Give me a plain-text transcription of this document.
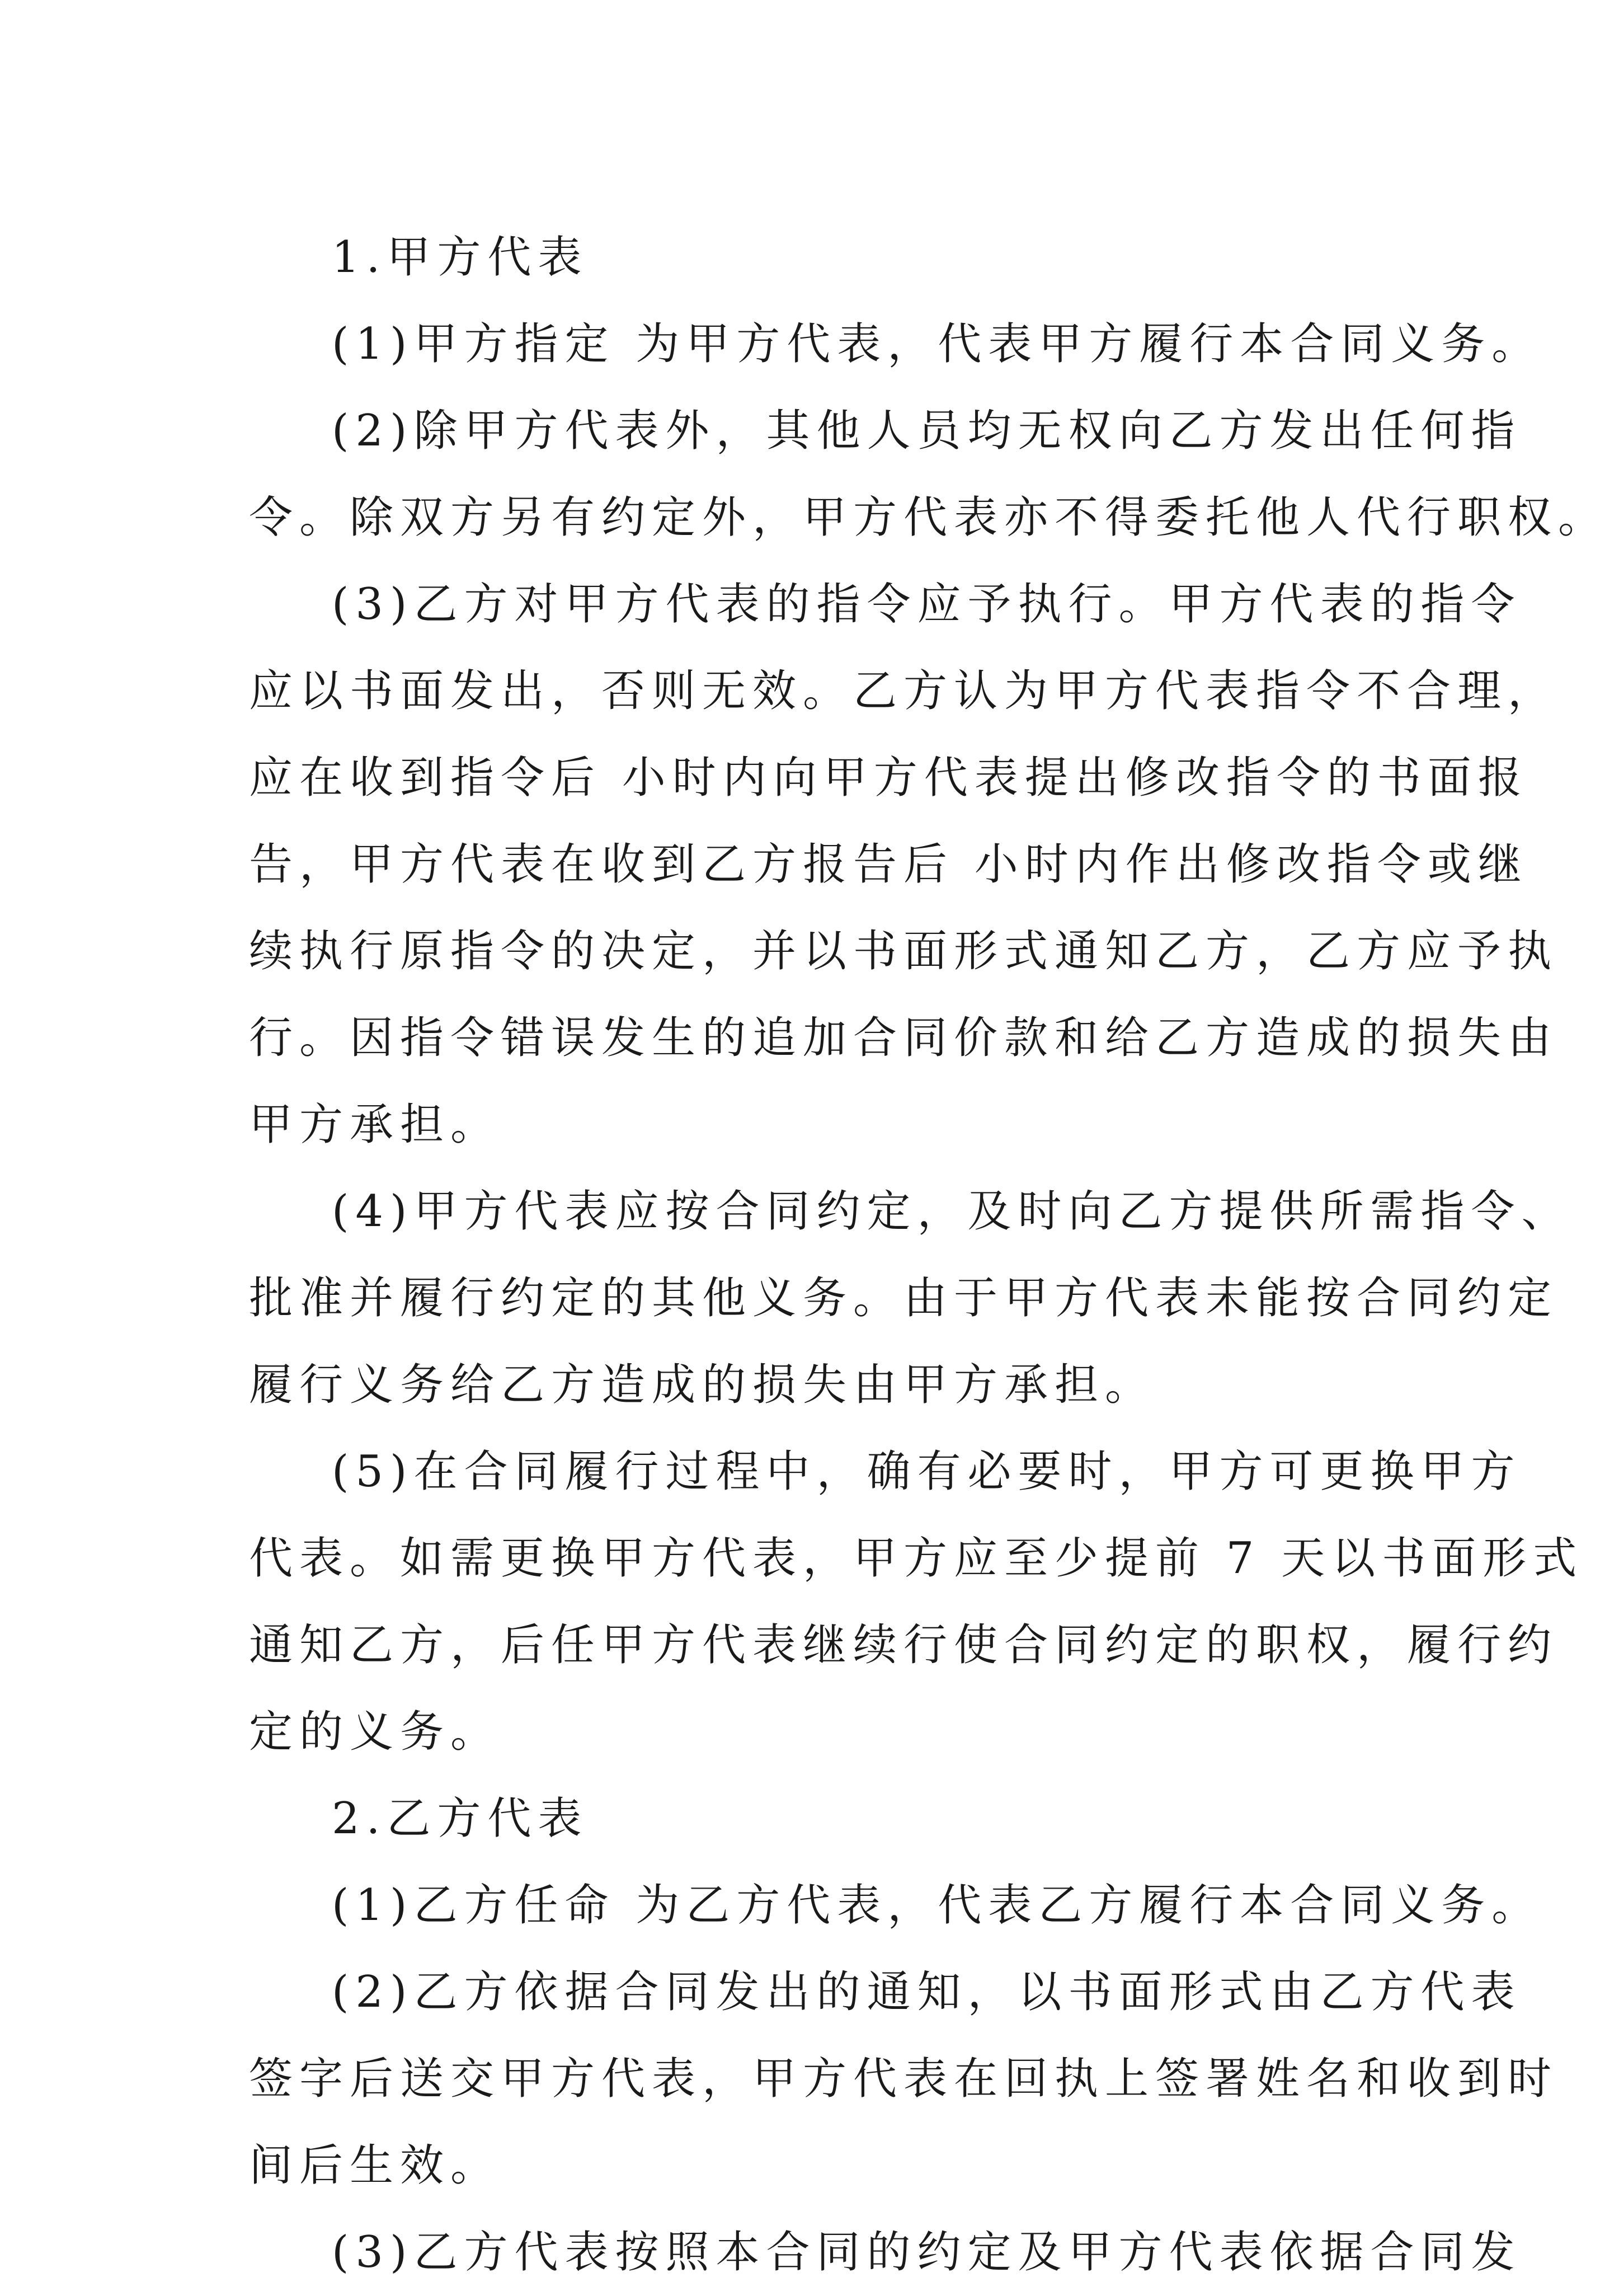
1.甲方代表
(1)甲方指定 为甲方代表，代表甲方履行本合同义务。
(2)除甲方代表外，其他人员均无权向乙方发出任何指
令。除双方另有约定外，甲方代表亦不得委托他人代行职权。
(3)乙方对甲方代表的指令应予执行。甲方代表的指令
应以书面发出，否则无效。乙方认为甲方代表指令不合理，
应在收到指令后 小时内向甲方代表提出修改指令的书面报
告，甲方代表在收到乙方报告后 小时内作出修改指令或继
续执行原指令的决定，并以书面形式通知乙方，乙方应予执
行。因指令错误发生的追加合同价款和给乙方造成的损失由
甲方承担。
(4)甲方代表应按合同约定，及时向乙方提供所需指令、
批准并履行约定的其他义务。由于甲方代表未能按合同约定
履行义务给乙方造成的损失由甲方承担。
(5)在合同履行过程中，确有必要时，甲方可更换甲方
代表。如需更换甲方代表，甲方应至少提前 7 天以书面形式
通知乙方，后任甲方代表继续行使合同约定的职权，履行约
定的义务。
2.乙方代表
(1)乙方任命 为乙方代表，代表乙方履行本合同义务。
(2)乙方依据合同发出的通知，以书面形式由乙方代表
签字后送交甲方代表，甲方代表在回执上签署姓名和收到时
间后生效。
(3)乙方代表按照本合同的约定及甲方代表依据合同发
